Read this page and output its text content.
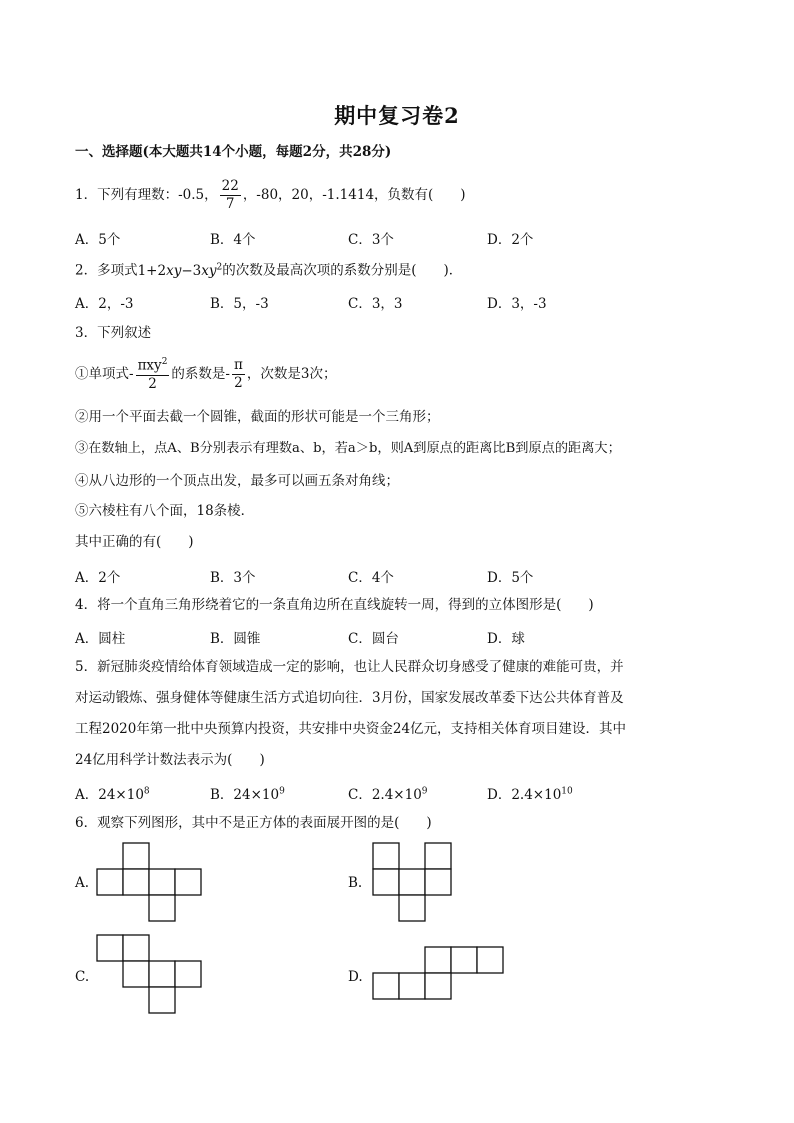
期中复习卷2
一、选择题(本大题共14个小题，每题2分，共28分)
1．下列有理数：-0.5， $\frac{22}{7}$ ，-80，20，-1.1414，负数有(　　)
A．5个	B．4个	C．3个	D．2个
2．多项式$1+2xy-3xy^2$的次数及最高次项的系数分别是(　　)．
A．2，-3	B．5，-3	C．3，3	D．3，-3
3．下列叙述
①单项式- $\frac{\pi xy^2}{2}$ 的系数是- $\frac{\pi}{2}$ ，次数是3次；
②用一个平面去截一个圆锥，截面的形状可能是一个三角形；
③在数轴上，点A、B分别表示有理数a、b，若a＞b，则A到原点的距离比B到原点的距离大；
④从八边形的一个顶点出发，最多可以画五条对角线；
⑤六棱柱有八个面，18条棱．
其中正确的有(　　)
A．2个	B．3个	C．4个	D．5个
4．将一个直角三角形绕着它的一条直角边所在直线旋转一周，得到的立体图形是(　　)
A．圆柱	B．圆锥	C．圆台	D．球
5．新冠肺炎疫情给体育领域造成一定的影响，也让人民群众切身感受了健康的难能可贵，并
对运动锻炼、强身健体等健康生活方式追切向往．3月份，国家发展改革委下达公共体育普及
工程2020年第一批中央预算内投资，共安排中央资金24亿元，支持相关体育项目建设．其中
24亿用科学计数法表示为(　　)
A．$24\times 10^8$	B．$24\times 10^9$	C．$2.4\times 10^9$	D．$2.4\times 10^{10}$
6．观察下列图形，其中不是正方体的表面展开图的是(　　)
A.	B.
C.	D.
